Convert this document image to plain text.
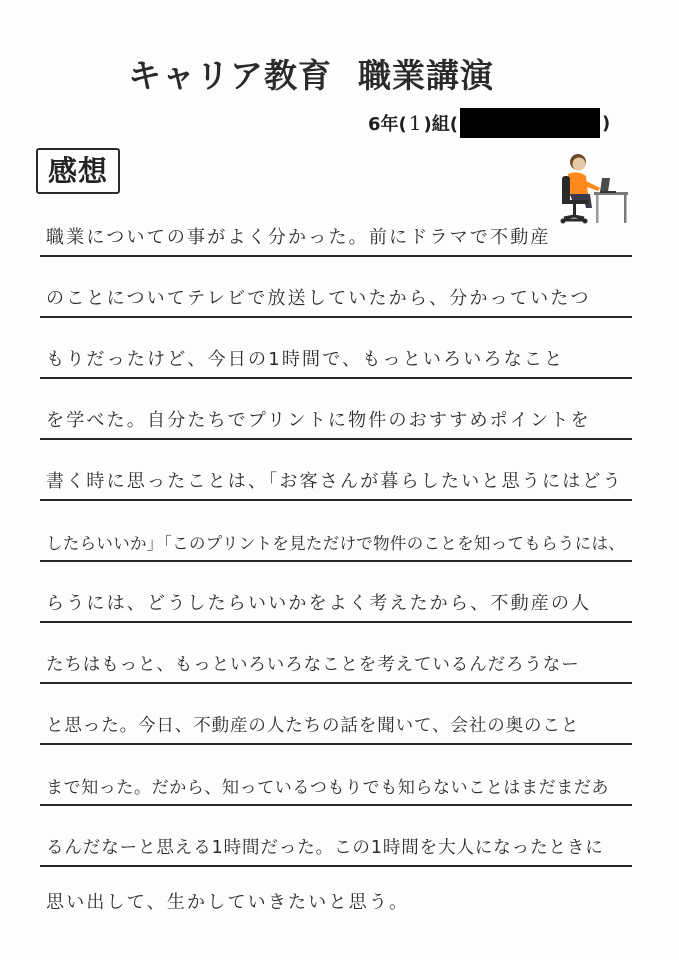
キャリア教育 職業講演
6年( 1 )組(	)
感想
職業についての事がよく分かった。前にドラマで不動産
のことについてテレビで放送していたから、分かっていたつ
もりだったけど、今日の1時間で、もっといろいろなこと
を学べた。自分たちでプリントに物件のおすすめポイントを
書く時に思ったことは、「お客さんが暮らしたいと思うにはどう
したらいいか」「このプリントを見ただけで物件のことを知ってもらうには、
らうには、どうしたらいいかをよく考えたから、不動産の人
たちはもっと、もっといろいろなことを考えているんだろうなー
と思った。今日、不動産の人たちの話を聞いて、会社の奥のこと
まで知った。だから、知っているつもりでも知らないことはまだまだあ
るんだなーと思える1時間だった。この1時間を大人になったときに
思い出して、生かしていきたいと思う。
